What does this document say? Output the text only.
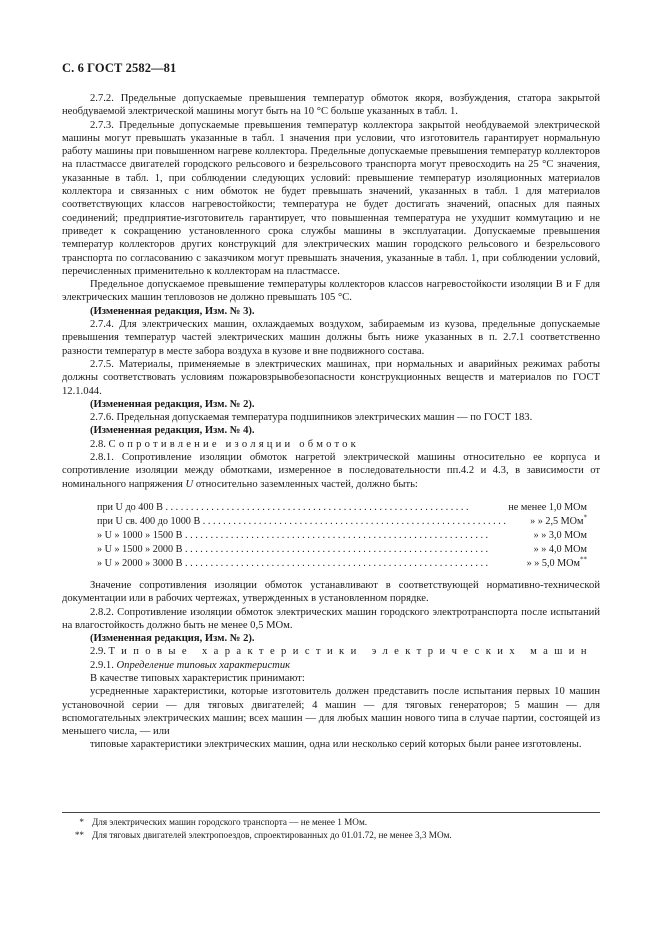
С. 6 ГОСТ 2582—81

2.7.2. Предельные допускаемые превышения температур обмоток якоря, возбуждения, статора закрытой необдуваемой электрической машины могут быть на 10 °С больше указанных в табл. 1.

2.7.3. Предельные допускаемые превышения температур коллектора закрытой необдуваемой электрической машины могут превышать указанные в табл. 1 значения при условии, что изготовитель гарантирует нормальную работу машины при повышенном нагреве коллектора. Предельные допускаемые превышения температур коллекторов на пластмассе двигателей городского рельсового и безрельсового транспорта могут превосходить на 25 °С значения, указанные в табл. 1, при соблюдении следующих условий: превышение температур изоляционных материалов коллектора и связанных с ним обмоток не будет превышать значений, указанных в табл. 1 для материалов соответствующих классов нагревостойкости; температура не будет достигать значений, опасных для паяных соединений; предприятие-изготовитель гарантирует, что повышенная температура не ухудшит коммутацию и не приведет к сокращению установленного срока службы машины в эксплуатации. Допускаемые превышения температур коллекторов других конструкций для электрических машин городского рельсового и безрельсового транспорта по согласованию с заказчиком могут превышать значения, указанные в табл. 1, при соблюдении условий, перечисленных применительно к коллекторам на пластмассе.

Предельное допускаемое превышение температуры коллекторов классов нагревостойкости изоляции В и F для электрических машин тепловозов не должно превышать 105 °С.

(Измененная редакция, Изм. № 3).

2.7.4. Для электрических машин, охлаждаемых воздухом, забираемым из кузова, предельные допускаемые превышения температур частей электрических машин должны быть ниже указанных в п. 2.7.1 соответственно разности температур в месте забора воздуха в кузове и вне подвижного состава.

2.7.5. Материалы, применяемые в электрических машинах, при нормальных и аварийных режимах работы должны соответствовать условиям пожаровзрывобезопасности конструкционных веществ и материалов по ГОСТ 12.1.044.

(Измененная редакция, Изм. № 2).

2.7.6. Предельная допускаемая температура подшипников электрических машин — по ГОСТ 183.

(Измененная редакция, Изм. № 4).

2.8. Сопротивление изоляции обмоток

2.8.1. Сопротивление изоляции обмоток нагретой электрической машины относительно ее корпуса и сопротивление изоляции между обмотками, измеренное в последовательности пп.4.2 и 4.3, в зависимости от номинального напряжения U относительно заземленных частей, должно быть:

при U до 400 В . . . . . . . . . . . . . . . . . . . . . . . . . . . . . . . . . . . . . . . . . . . . . . . . . . . . . . . . . . . .	не менее 1,0 МОм
при U св. 400 до 1000 В . . . . . . . . . . . . . . . . . . . . . . . . . . . . . . . . . . . . . . . . . . . . . . . . . . . . . . . . . . . .	» » 2,5 МОм*
» U » 1000 » 1500 В . . . . . . . . . . . . . . . . . . . . . . . . . . . . . . . . . . . . . . . . . . . . . . . . . . . . . . . . . . . .	» » 3,0 МОм
» U » 1500 » 2000 В . . . . . . . . . . . . . . . . . . . . . . . . . . . . . . . . . . . . . . . . . . . . . . . . . . . . . . . . . . . .	» » 4,0 МОм
» U » 2000 » 3000 В . . . . . . . . . . . . . . . . . . . . . . . . . . . . . . . . . . . . . . . . . . . . . . . . . . . . . . . . . . . .	» » 5,0 МОм**

Значение сопротивления изоляции обмоток устанавливают в соответствующей нормативно-технической документации или в рабочих чертежах, утвержденных в установленном порядке.

2.8.2. Сопротивление изоляции обмоток электрических машин городского электротранспорта после испытаний на влагостойкость должно быть не менее 0,5 МОм.

(Измененная редакция, Изм. № 2).

2.9. Типовые характеристики электрических машин

2.9.1. Определение типовых характеристик

В качестве типовых характеристик принимают:

усредненные характеристики, которые изготовитель должен представить после испытания первых 10 машин установочной серии — для тяговых двигателей; 4 машин — для тяговых генераторов; 5 машин — для вспомогательных электрических машин; всех машин — для любых машин нового типа в случае партии, состоящей из меньшего числа, — или

типовые характеристики электрических машин, одна или несколько серий которых были ранее изготовлены.

* Для электрических машин городского транспорта — не менее 1 МОм.
** Для тяговых двигателей электропоездов, спроектированных до 01.01.72, не менее 3,3 МОм.
